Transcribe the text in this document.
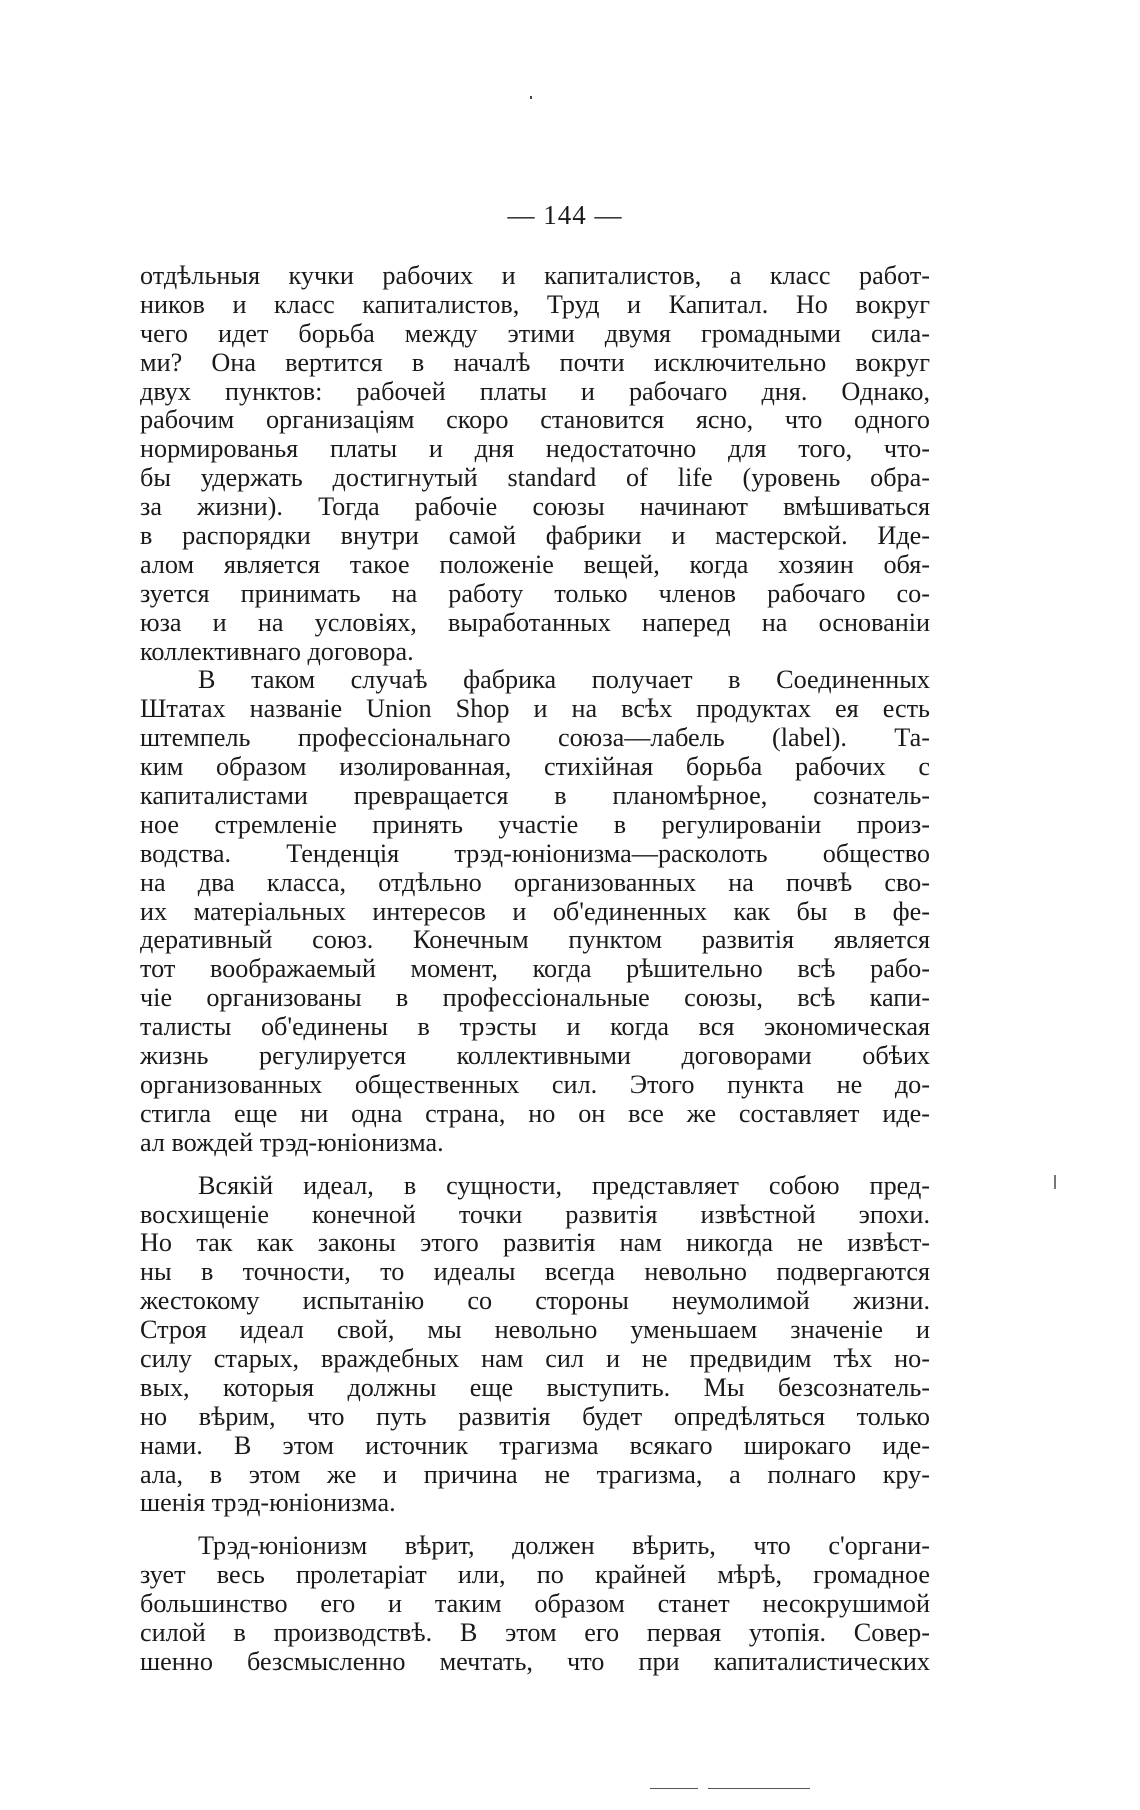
— 144 —
отдѣльныя кучки рабочих и капиталистов, а класс работ-
ников и класс капиталистов, Труд и Капитал. Но вокруг
чего идет борьба между этими двумя громадными сила-
ми? Она вертится в началѣ почти исключительно вокруг
двух пунктов: рабочей платы и рабочаго дня. Однако,
рабочим организацiям скоро становится ясно, что одного
нормированья платы и дня недостаточно для того, что-
бы удержать достигнутый standard of life (уровень обра-
за жизни). Тогда рабочiе союзы начинают вмѣшиваться
в распорядки внутри самой фабрики и мастерской. Иде-
алом является такое положенiе вещей, когда хозяин обя-
зуется принимать на работу только членов рабочаго со-
юза и на условiях, выработанных наперед на основанiи
коллективнаго договора.
В таком случаѣ фабрика получает в Соединенных
Штатах названiе Union Shop и на всѣх продуктах ея есть
штемпель профессiональнаго союза—лабель (label). Та-
ким образом изолированная, стихiйная борьба рабочих с
капиталистами превращается в планомѣрное, сознатель-
ное стремленiе принять участiе в регулированiи произ-
водства. Тенденцiя трэд-юнiонизма—расколоть общество
на два класса, отдѣльно организованных на почвѣ сво-
их матерiальных интересов и об'единенных как бы в фе-
деративный союз. Конечным пунктом развитiя является
тот воображаемый момент, когда рѣшительно всѣ рабо-
чiе организованы в профессiональные союзы, всѣ капи-
талисты об'единены в трэсты и когда вся экономическая
жизнь регулируется коллективными договорами обѣих
организованных общественных сил. Этого пункта не до-
стигла еще ни одна страна, но он все же составляет иде-
ал вождей трэд-юнiонизма.
Всякiй идеал, в сущности, представляет собою пред-
восхищенiе конечной точки развитiя извѣстной эпохи.
Но так как законы этого развитiя нам никогда не извѣст-
ны в точности, то идеалы всегда невольно подвергаются
жестокому испытанiю со стороны неумолимой жизни.
Строя идеал свой, мы невольно уменьшаем значенiе и
силу старых, враждебных нам сил и не предвидим тѣх но-
вых, которыя должны еще выступить. Мы безсознатель-
но вѣрим, что путь развитiя будет опредѣляться только
нами. В этом источник трагизма всякаго широкаго иде-
ала, в этом же и причина не трагизма, а полнаго кру-
шенiя трэд-юнiонизма.
Трэд-юнiонизм вѣрит, должен вѣрить, что с'органи-
зует весь пролетарiат или, по крайней мѣрѣ, громадное
большинство его и таким образом станет несокрушимой
силой в производствѣ. В этом его первая утопiя. Совер-
шенно безсмысленно мечтать, что при капиталистических
